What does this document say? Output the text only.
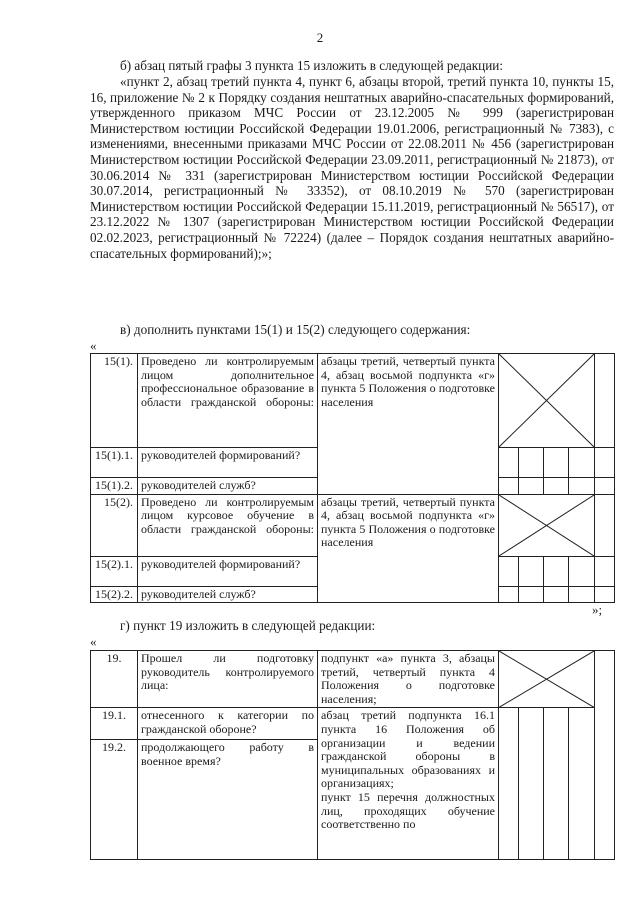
2

б) абзац пятый графы 3 пункта 15 изложить в следующей редакции:

«пункт 2, абзац третий пункта 4, пункт 6, абзацы второй, третий пункта 10, пункты 15, 16, приложение № 2 к Порядку создания нештатных аварийно-спасательных формирований, утвержденного приказом МЧС России от 23.12.2005 № 999 (зарегистрирован Министерством юстиции Российской Федерации 19.01.2006, регистрационный № 7383), с изменениями, внесенными приказами МЧС России от 22.08.2011 № 456 (зарегистрирован Министерством юстиции Российской Федерации 23.09.2011, регистрационный № 21873), от 30.06.2014 № 331 (зарегистрирован Министерством юстиции Российской Федерации 30.07.2014, регистрационный № 33352), от 08.10.2019 № 570 (зарегистрирован Министерством юстиции Российской Федерации 15.11.2019, регистрационный № 56517), от 23.12.2022 № 1307 (зарегистрирован Министерством юстиции Российской Федерации 02.02.2023, регистрационный № 72224) (далее – Порядок создания нештатных аварийно-спасательных формирований);»;

в) дополнить пунктами 15(1) и 15(2) следующего содержания:

«
15(1).	Проведено ли контролируемым лицом дополнительное профессиональное образование в области гражданской обороны:	абзацы третий, четвертый пункта 4, абзац восьмой подпункта «г» пункта 5 Положения о подготовке населения	

15(1).1.	руководителей формирований?						
15(1).2.	руководителей служб?						
15(2).	Проведено ли контролируемым лицом курсовое обучение в области гражданской обороны:	абзацы третий, четвертый пункта 4, абзац восьмой подпункта «г» пункта 5 Положения о подготовке населения	

15(2).1.	руководителей формирований?						
15(2).2.	руководителей служб?						
»;

г) пункт 19 изложить в следующей редакции:

«
19.	Прошел ли подготовку руководитель контролируемого лица:	подпункт «а» пункта 3, абзацы третий, четвертый пункта 4 Положения о подготовке населения;	

19.1.	отнесенного к категории по гражданской обороне?	абзац третий подпункта 16.1 пункта 16 Положения об организации и ведении гражданской обороны в муниципальных образованиях и организациях;
пункт 15 перечня должностных лиц, проходящих обучение соответственно по					

19.2.	продолжающего работу в военное время?						
